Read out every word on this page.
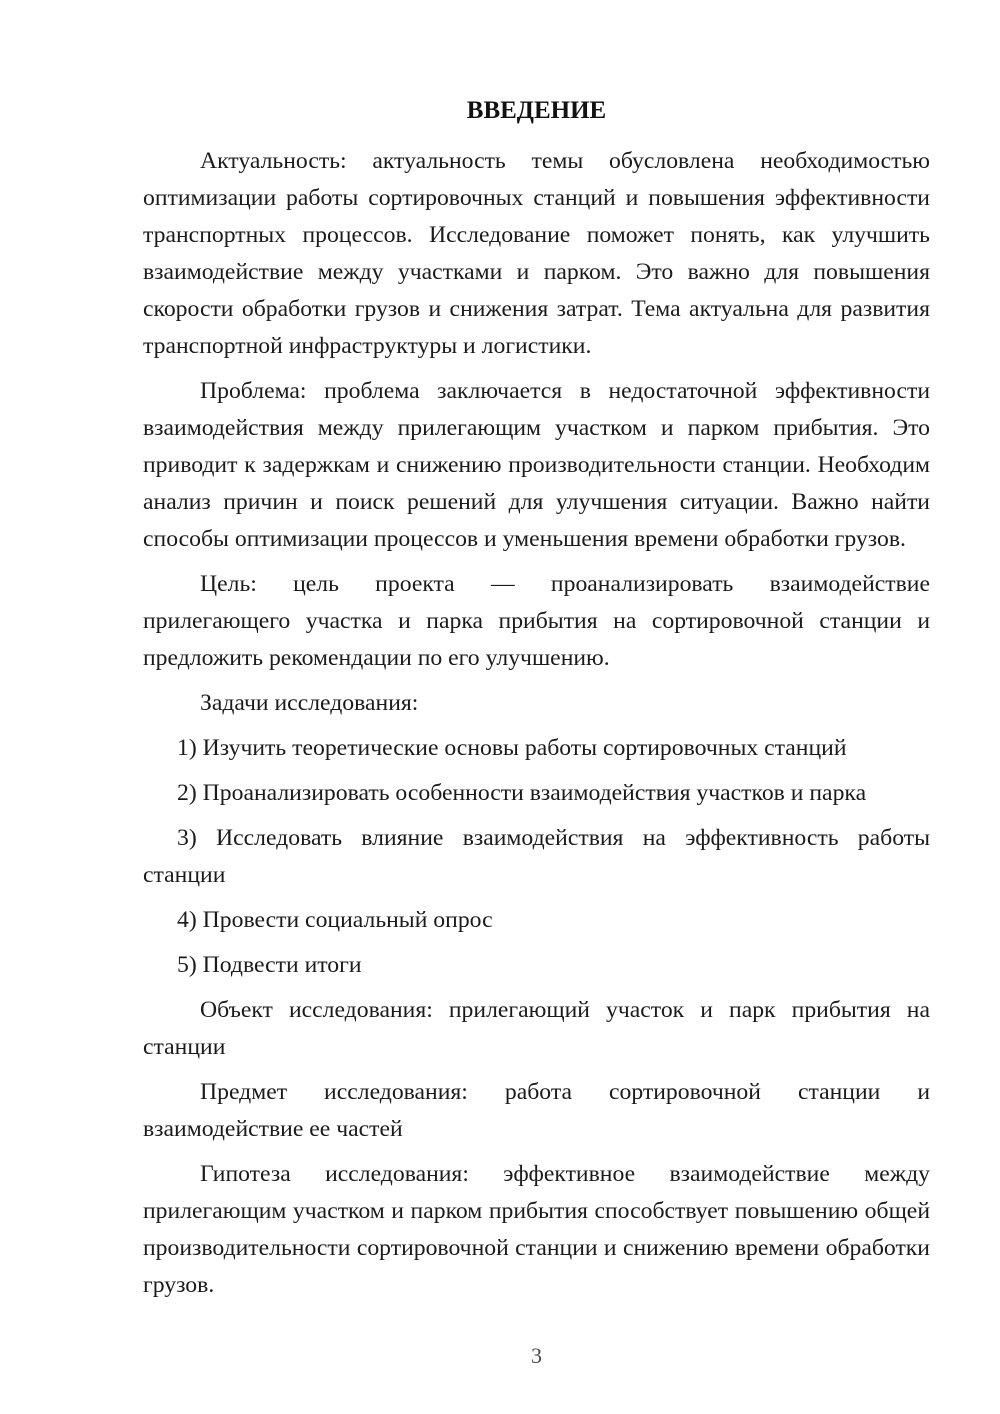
ВВЕДЕНИЕ

Актуальность: актуальность темы обусловлена необходимостью оптимизации работы сортировочных станций и повышения эффективности транспортных процессов. Исследование поможет понять, как улучшить взаимодействие между участками и парком. Это важно для повышения скорости обработки грузов и снижения затрат. Тема актуальна для развития транспортной инфраструктуры и логистики.

Проблема: проблема заключается в недостаточной эффективности взаимодействия между прилегающим участком и парком прибытия. Это приводит к задержкам и снижению производительности станции. Необходим анализ причин и поиск решений для улучшения ситуации. Важно найти способы оптимизации процессов и уменьшения времени обработки грузов.

Цель: цель проекта — проанализировать взаимодействие прилегающего участка и парка прибытия на сортировочной станции и предложить рекомендации по его улучшению.

Задачи исследования:

1) Изучить теоретические основы работы сортировочных станций

2) Проанализировать особенности взаимодействия участков и парка

3) Исследовать влияние взаимодействия на эффективность работы станции

4) Провести социальный опрос

5) Подвести итоги

Объект исследования: прилегающий участок и парк прибытия на станции

Предмет исследования: работа сортировочной станции и взаимодействие ее частей

Гипотеза исследования: эффективное взаимодействие между прилегающим участком и парком прибытия способствует повышению общей производительности сортировочной станции и снижению времени обработки грузов.

3
